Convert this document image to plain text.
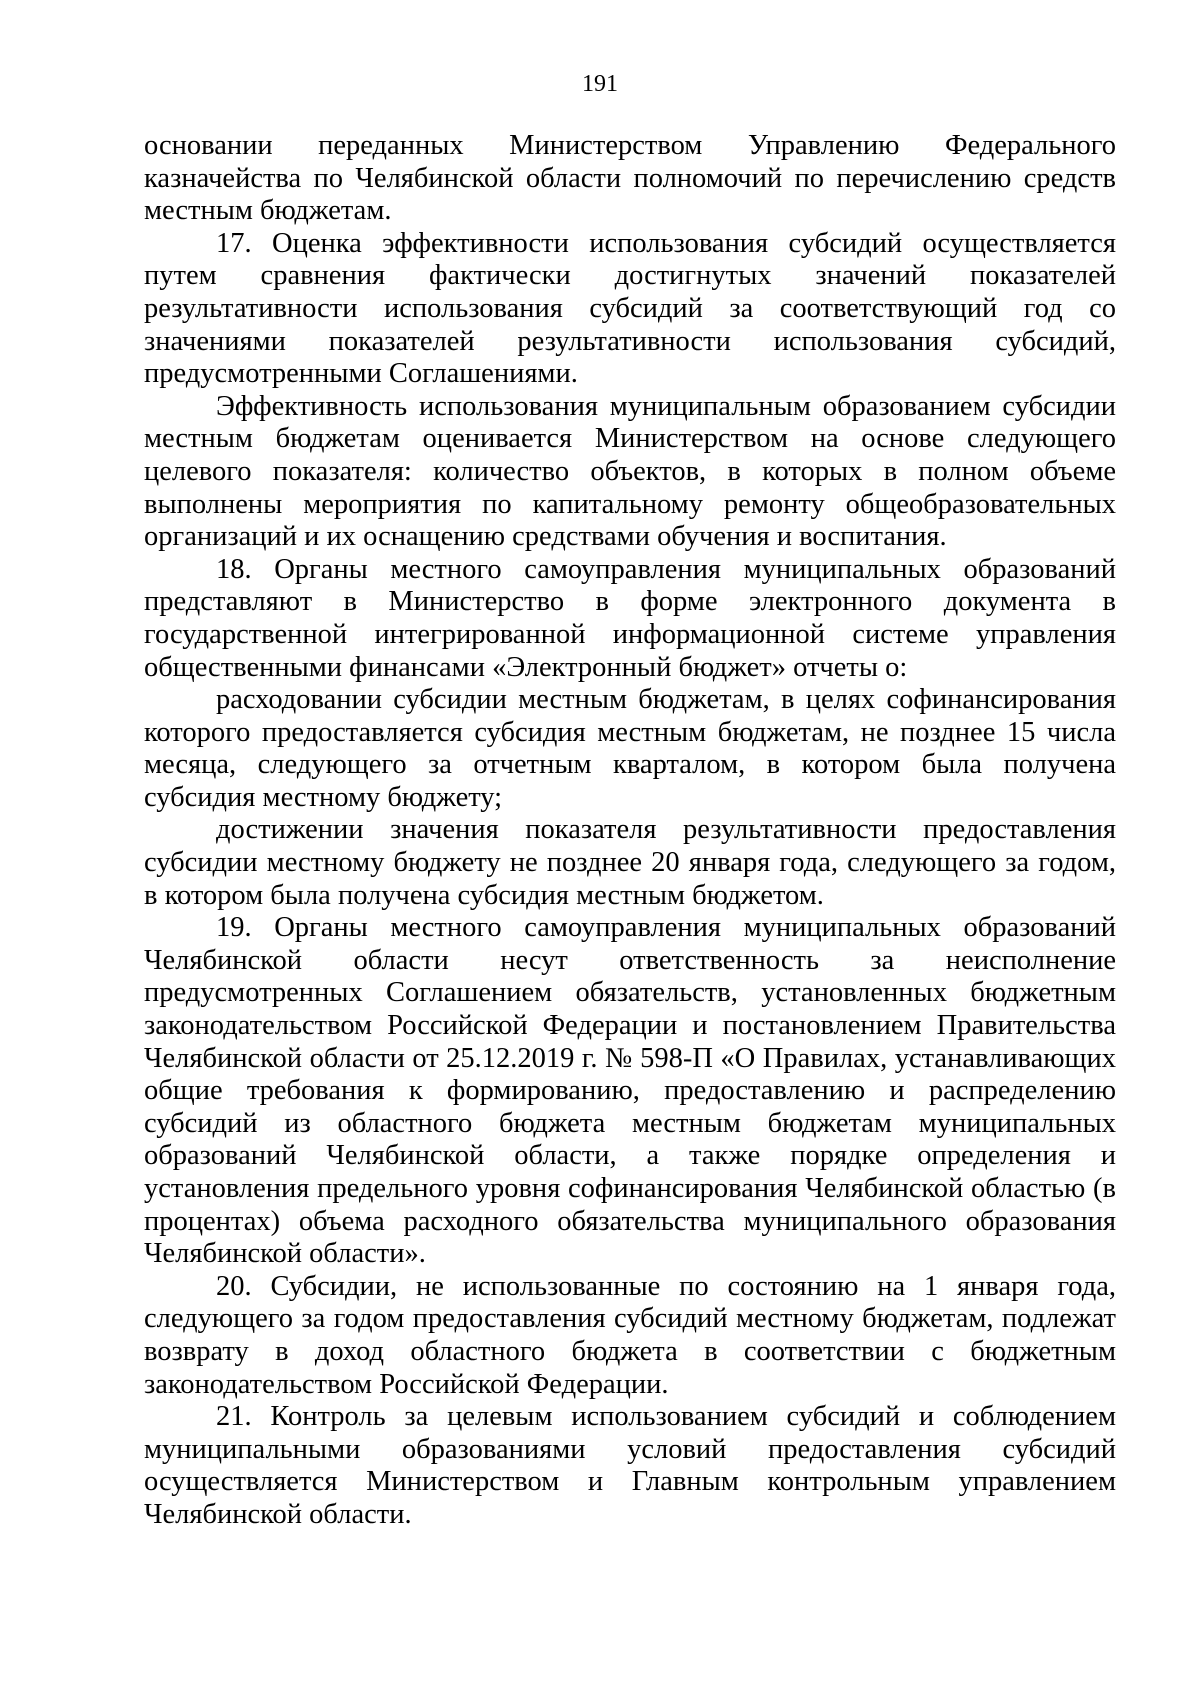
191

основании переданных Министерством Управлению Федерального казначейства по Челябинской области полномочий по перечислению средств местным бюджетам.

17. Оценка эффективности использования субсидий осуществляется путем сравнения фактически достигнутых значений показателей результативности использования субсидий за соответствующий год со значениями показателей результативности использования субсидий, предусмотренными Соглашениями.

Эффективность использования муниципальным образованием субсидии местным бюджетам оценивается Министерством на основе следующего целевого показателя: количество объектов, в которых в полном объеме выполнены мероприятия по капитальному ремонту общеобразовательных организаций и их оснащению средствами обучения и воспитания.

18. Органы местного самоуправления муниципальных образований представляют в Министерство в форме электронного документа в государственной интегрированной информационной системе управления общественными финансами «Электронный бюджет» отчеты о:

расходовании субсидии местным бюджетам, в целях софинансирования которого предоставляется субсидия местным бюджетам, не позднее 15 числа месяца, следующего за отчетным кварталом, в котором была получена субсидия местному бюджету;

достижении значения показателя результативности предоставления субсидии местному бюджету не позднее 20 января года, следующего за годом, в котором была получена субсидия местным бюджетом.

19. Органы местного самоуправления муниципальных образований Челябинской области несут ответственность за неисполнение предусмотренных Соглашением обязательств, установленных бюджетным законодательством Российской Федерации и постановлением Правительства Челябинской области от 25.12.2019 г. № 598-П «О Правилах, устанавливающих общие требования к формированию, предоставлению и распределению субсидий из областного бюджета местным бюджетам муниципальных образований Челябинской области, а также порядке определения и установления предельного уровня софинансирования Челябинской областью (в процентах) объема расходного обязательства муниципального образования Челябинской области».

20. Субсидии, не использованные по состоянию на 1 января года, следующего за годом предоставления субсидий местному бюджетам, подлежат возврату в доход областного бюджета в соответствии с бюджетным законодательством Российской Федерации.

21. Контроль за целевым использованием субсидий и соблюдением муниципальными образованиями условий предоставления субсидий осуществляется Министерством и Главным контрольным управлением Челябинской области.
